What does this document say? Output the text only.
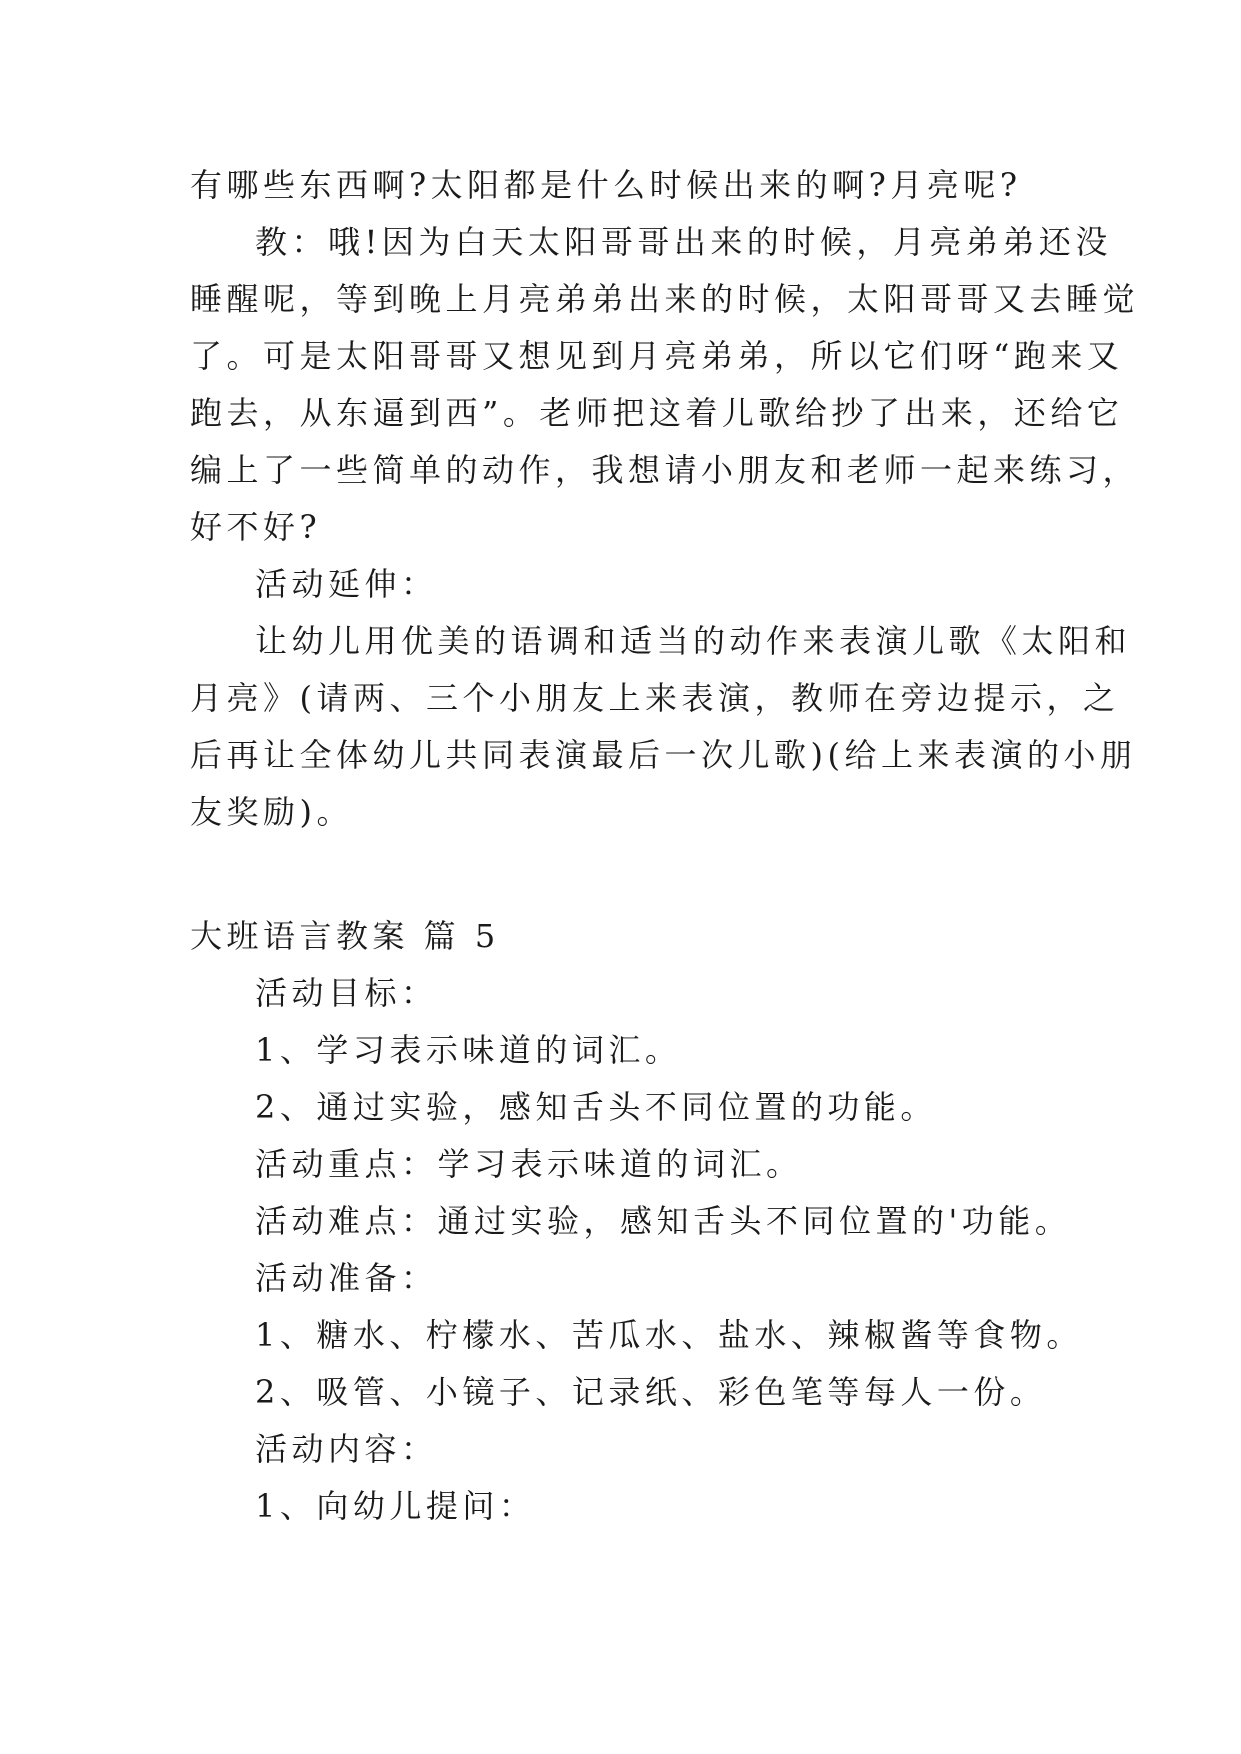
有哪些东西啊?太阳都是什么时候出来的啊?月亮呢?
教：哦!因为白天太阳哥哥出来的时候，月亮弟弟还没
睡醒呢，等到晚上月亮弟弟出来的时候，太阳哥哥又去睡觉
了。可是太阳哥哥又想见到月亮弟弟，所以它们呀“跑来又
跑去，从东逼到西”。老师把这着儿歌给抄了出来，还给它
编上了一些简单的动作，我想请小朋友和老师一起来练习，
好不好?
活动延伸：
让幼儿用优美的语调和适当的动作来表演儿歌《太阳和
月亮》(请两、三个小朋友上来表演，教师在旁边提示，之
后再让全体幼儿共同表演最后一次儿歌)(给上来表演的小朋
友奖励)。
大班语言教案 篇 5
活动目标：
1、学习表示味道的词汇。
2、通过实验，感知舌头不同位置的功能。
活动重点：学习表示味道的词汇。
活动难点：通过实验，感知舌头不同位置的'功能。
活动准备：
1、糖水、柠檬水、苦瓜水、盐水、辣椒酱等食物。
2、吸管、小镜子、记录纸、彩色笔等每人一份。
活动内容：
1、向幼儿提问：
